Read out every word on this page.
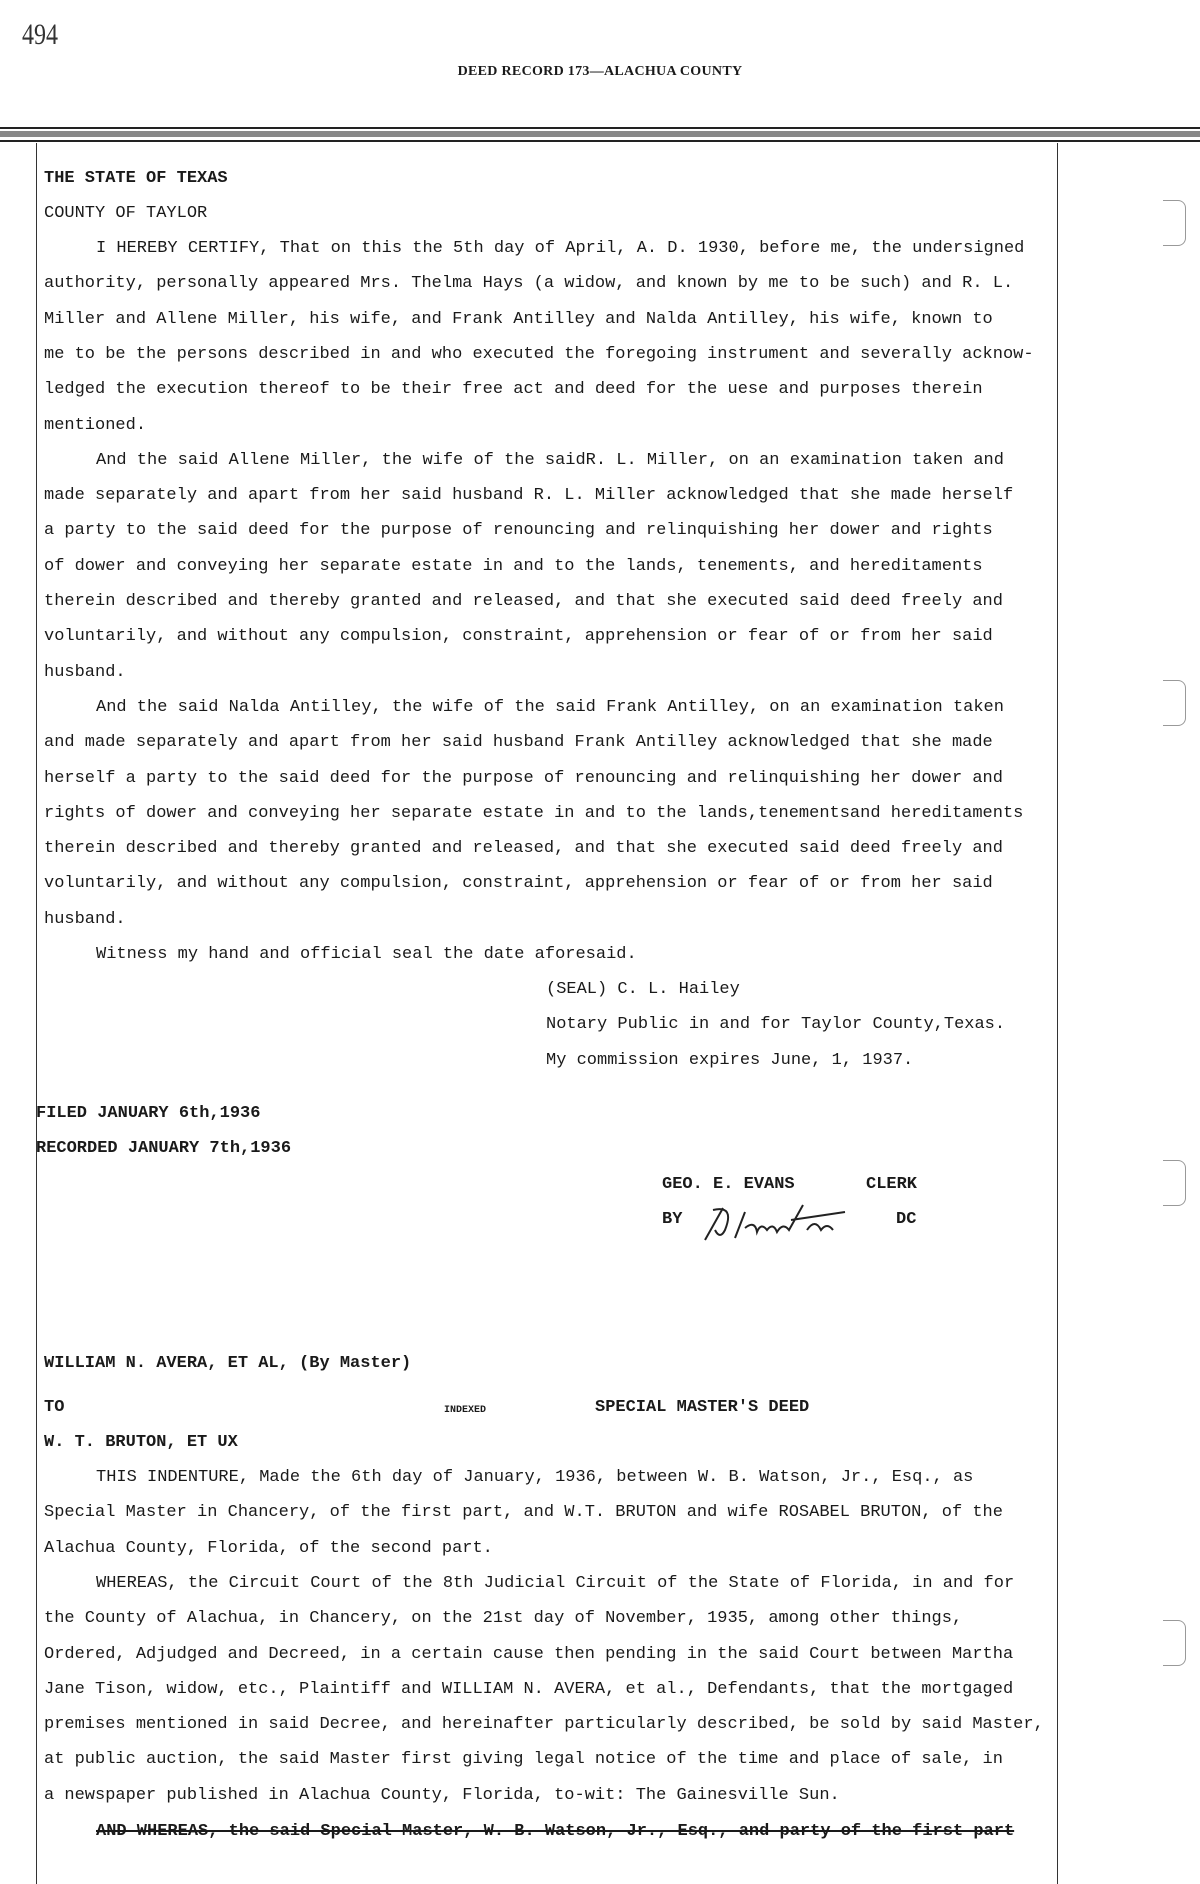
494
DEED RECORD 173—ALACHUA COUNTY
THE STATE OF TEXAS
COUNTY OF TAYLOR
I HEREBY CERTIFY, That on this the 5th day of April, A. D. 1930, before me, the undersigned
authority, personally appeared Mrs. Thelma Hays (a widow, and known by me to be such) and R. L.
Miller and Allene Miller, his wife, and Frank Antilley and Nalda Antilley, his wife, known to
me to be the persons described in and who executed the foregoing instrument and severally acknow-
ledged the execution thereof to be their free act and deed for the uese and purposes therein
mentioned.
And the said Allene Miller, the wife of the saidR. L. Miller, on an examination taken and
made separately and apart from her said husband R. L. Miller acknowledged that she made herself
a party to the said deed for the purpose of renouncing and relinquishing her dower and rights
of dower and conveying her separate estate in and to the lands, tenements, and hereditaments
therein described and thereby granted and released, and that she executed said deed freely and
voluntarily, and without any compulsion, constraint, apprehension or fear of or from her said
husband.
And the said Nalda Antilley, the wife of the said Frank Antilley, on an examination taken
and made separately and apart from her said husband Frank Antilley acknowledged that she made
herself a party to the said deed for the purpose of renouncing and relinquishing her dower and
rights of dower and conveying her separate estate in and to the lands,tenementsand hereditaments
therein described and thereby granted and released, and that she executed said deed freely and
voluntarily, and without any compulsion, constraint, apprehension or fear of or from her said
husband.
Witness my hand and official seal the date aforesaid.
(SEAL) C. L. Hailey
Notary Public in and for Taylor County,Texas.
My commission expires June, 1, 1937.
FILED JANUARY 6th,1936
RECORDED JANUARY 7th,1936
GEO. E. EVANS	CLERK
BY	DC
WILLIAM N. AVERA, ET AL, (By Master)
TO	INDEXED	SPECIAL MASTER'S DEED
W. T. BRUTON, ET UX
THIS INDENTURE, Made the 6th day of January, 1936, between W. B. Watson, Jr., Esq., as
Special Master in Chancery, of the first part, and W.T. BRUTON and wife ROSABEL BRUTON, of the
Alachua County, Florida, of the second part.
WHEREAS, the Circuit Court of the 8th Judicial Circuit of the State of Florida, in and for
the County of Alachua, in Chancery, on the 21st day of November, 1935, among other things,
Ordered, Adjudged and Decreed, in a certain cause then pending in the said Court between Martha
Jane Tison, widow, etc., Plaintiff and WILLIAM N. AVERA, et al., Defendants, that the mortgaged
premises mentioned in said Decree, and hereinafter particularly described, be sold by said Master,
at public auction, the said Master first giving legal notice of the time and place of sale, in
a newspaper published in Alachua County, Florida, to-wit: The Gainesville Sun.
AND WHEREAS, the said Special Master, W. B. Watson, Jr., Esq., and party of the first part
